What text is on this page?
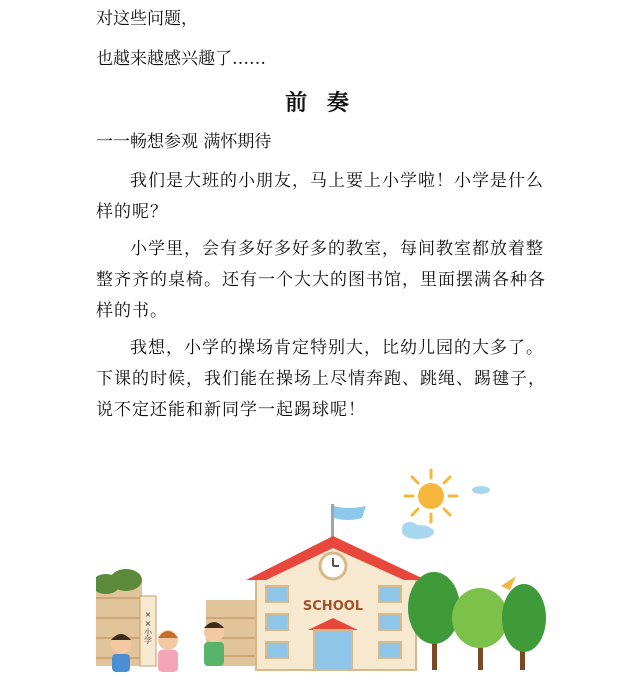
对这些问题，
也越来越感兴趣了……
前 奏
一一畅想参观 满怀期待

我们是大班的小朋友，马上要上小学啦！小学是什么样的呢？

小学里，会有多好多好多的教室，每间教室都放着整整齐齐的桌椅。还有一个大大的图书馆，里面摆满各种各样的书。

我想，小学的操场肯定特别大，比幼儿园的大多了。下课的时候，我们能在操场上尽情奔跑、跳绳、踢毽子，说不定还能和新同学一起踢球呢！

××小学
SCHOOL
